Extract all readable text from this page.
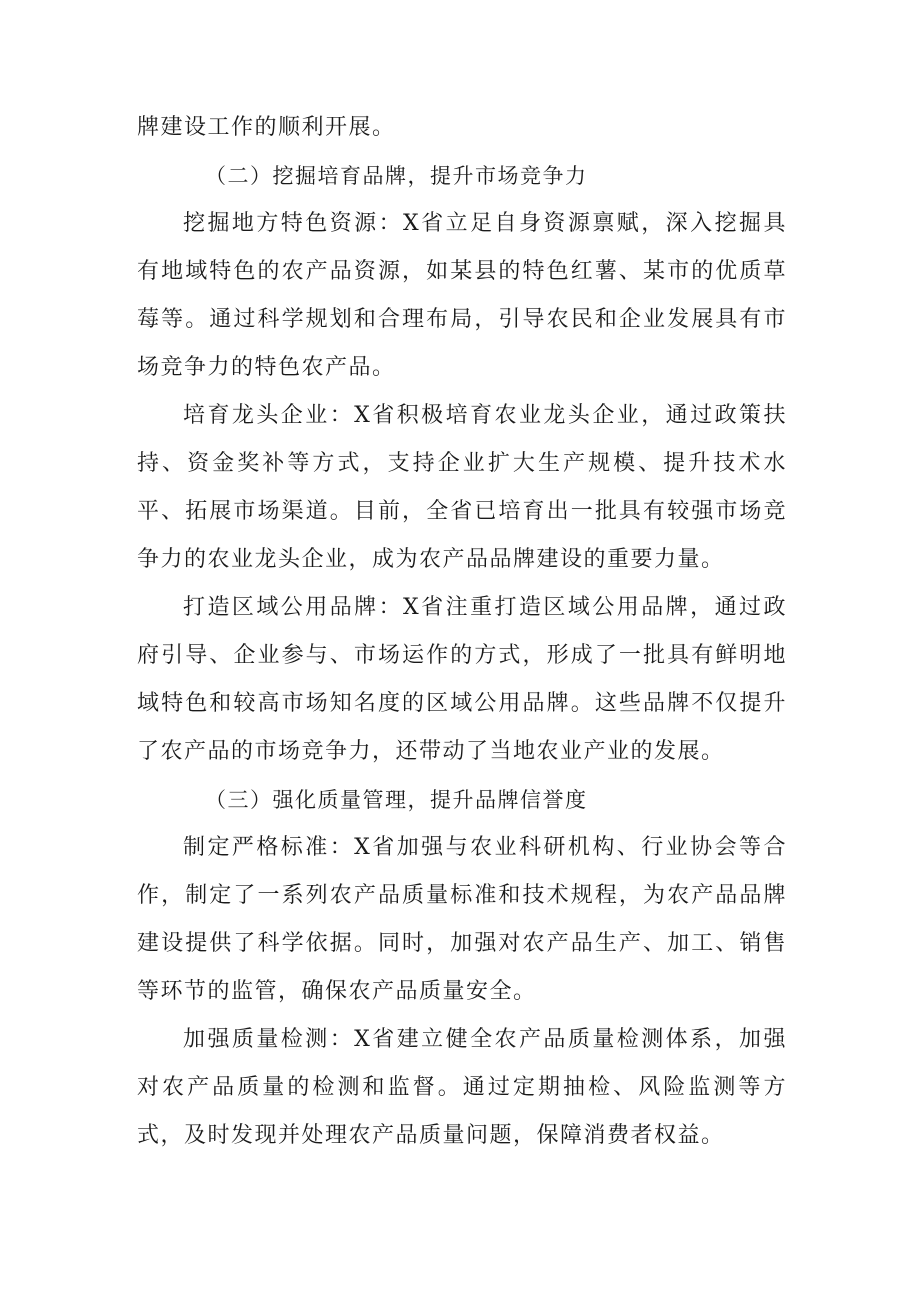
牌建设工作的顺利开展。

（二）挖掘培育品牌，提升市场竞争力

挖掘地方特色资源：X省立足自身资源禀赋，深入挖掘具有地域特色的农产品资源，如某县的特色红薯、某市的优质草莓等。通过科学规划和合理布局，引导农民和企业发展具有市场竞争力的特色农产品。

培育龙头企业：X省积极培育农业龙头企业，通过政策扶持、资金奖补等方式，支持企业扩大生产规模、提升技术水平、拓展市场渠道。目前，全省已培育出一批具有较强市场竞争力的农业龙头企业，成为农产品品牌建设的重要力量。

打造区域公用品牌：X省注重打造区域公用品牌，通过政府引导、企业参与、市场运作的方式，形成了一批具有鲜明地域特色和较高市场知名度的区域公用品牌。这些品牌不仅提升了农产品的市场竞争力，还带动了当地农业产业的发展。

（三）强化质量管理，提升品牌信誉度

制定严格标准：X省加强与农业科研机构、行业协会等合作，制定了一系列农产品质量标准和技术规程，为农产品品牌建设提供了科学依据。同时，加强对农产品生产、加工、销售等环节的监管，确保农产品质量安全。

加强质量检测：X省建立健全农产品质量检测体系，加强对农产品质量的检测和监督。通过定期抽检、风险监测等方式，及时发现并处理农产品质量问题，保障消费者权益。
